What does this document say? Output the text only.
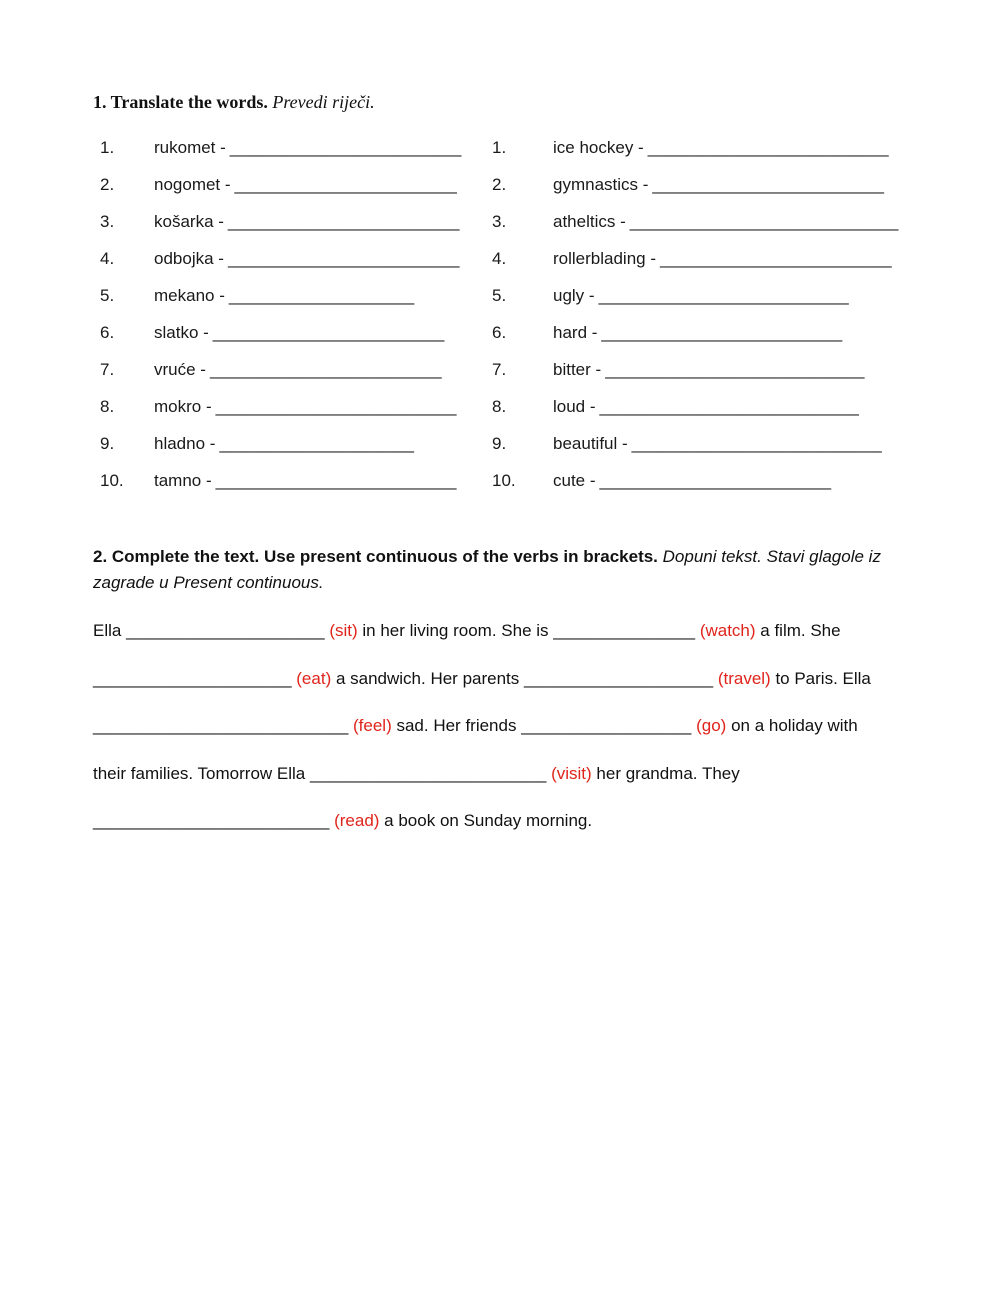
1. Translate the words. Prevedi riječi.
1.	rukomet - _________________________
2.	nogomet - ________________________
3.	košarka - _________________________
4.	odbojka - _________________________
5.	mekano - ____________________
6.	slatko - _________________________
7.	vruće - _________________________
8.	mokro - __________________________
9.	hladno - _____________________
10.	tamno - __________________________
1.	ice hockey - __________________________
2.	gymnastics - _________________________
3.	atheltics - _____________________________
4.	rollerblading - _________________________
5.	ugly - ___________________________
6.	hard - __________________________
7.	bitter - ____________________________
8.	loud - ____________________________
9.	beautiful - ___________________________
10.	cute - _________________________
2. Complete the text. Use present continuous of the verbs in brackets. Dopuni tekst. Stavi glagole iz zagrade u Present continuous.
Ella _____________________ (sit) in her living room. She is _______________ (watch) a film. She
_____________________ (eat) a sandwich. Her parents ____________________ (travel) to Paris. Ella
___________________________ (feel) sad. Her friends __________________ (go) on a holiday with
their families. Tomorrow Ella _________________________ (visit) her grandma. They
_________________________ (read) a book on Sunday morning.
